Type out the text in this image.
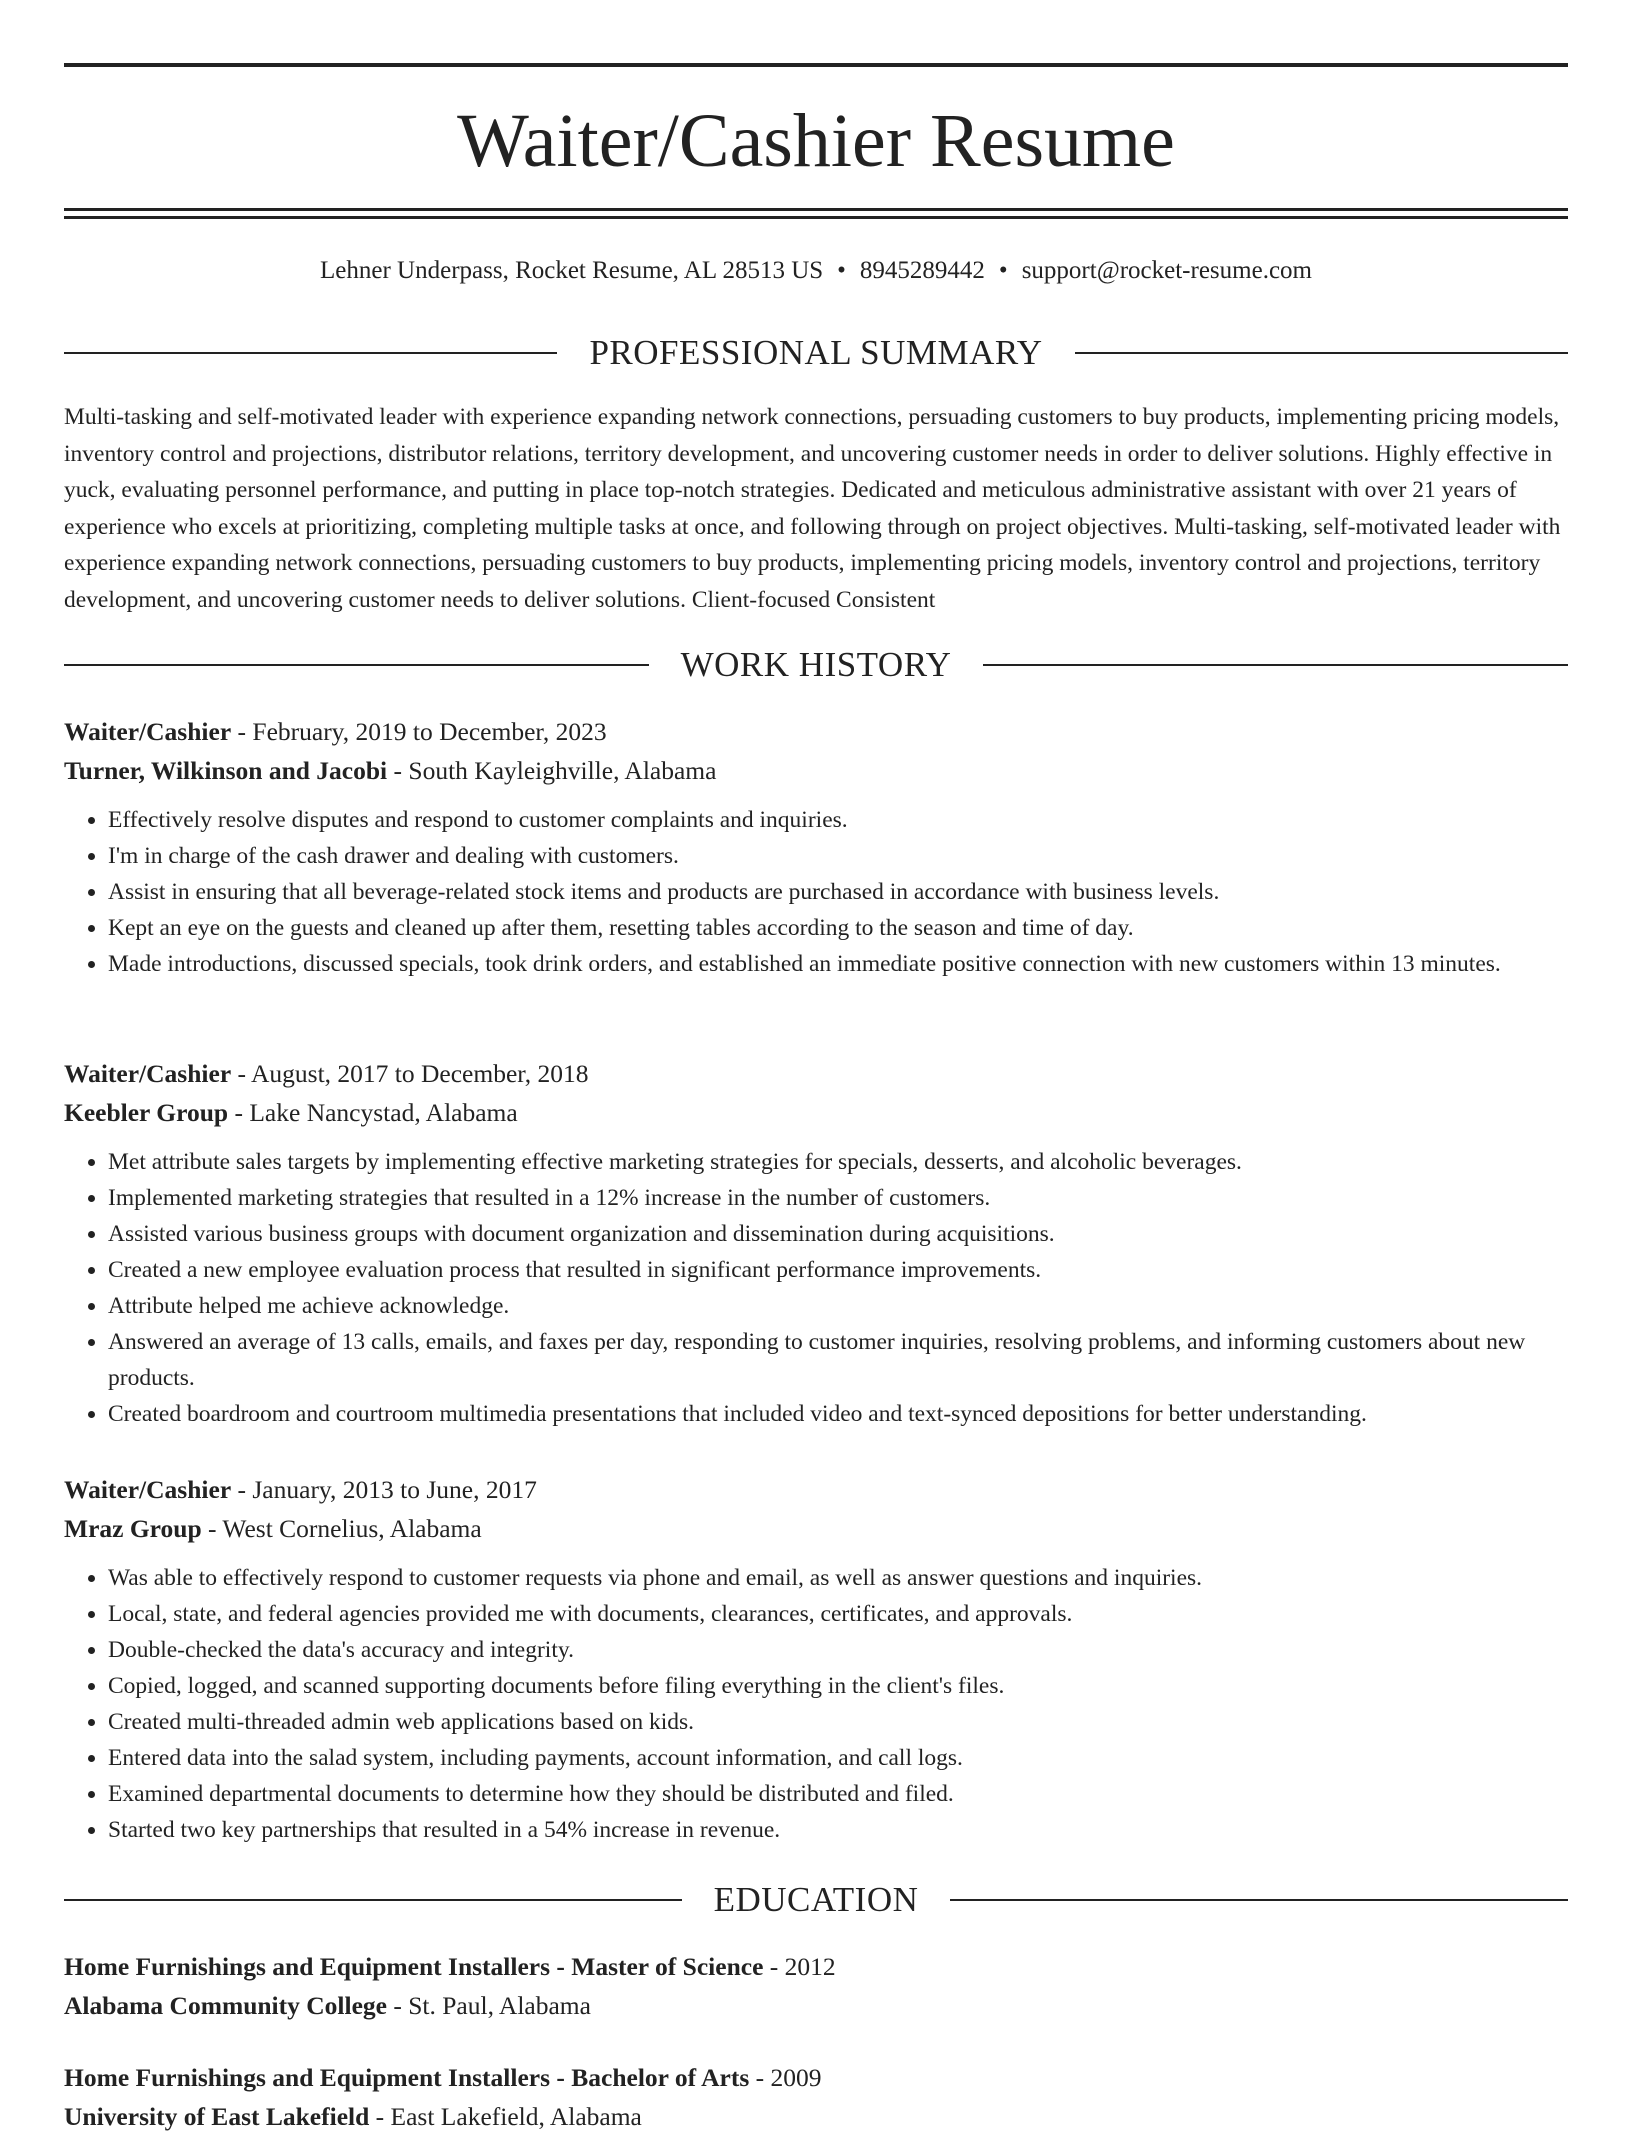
Waiter/Cashier Resume
Lehner Underpass, Rocket Resume, AL 28513 US • 8945289442 • support@rocket-resume.com
PROFESSIONAL SUMMARY

Multi-tasking and self-motivated leader with experience expanding network connections, persuading customers to buy products, implementing pricing models, inventory control and projections, distributor relations, territory development, and uncovering customer needs in order to deliver solutions. Highly effective in yuck, evaluating personnel performance, and putting in place top-notch strategies. Dedicated and meticulous administrative assistant with over 21 years of experience who excels at prioritizing, completing multiple tasks at once, and following through on project objectives. Multi-tasking, self-motivated leader with experience expanding network connections, persuading customers to buy products, implementing pricing models, inventory control and projections, territory development, and uncovering customer needs to deliver solutions. Client-focused Consistent

WORK HISTORY
Waiter/Cashier - February, 2019 to December, 2023
Turner, Wilkinson and Jacobi - South Kayleighville, Alabama
• Effectively resolve disputes and respond to customer complaints and inquiries.
• I'm in charge of the cash drawer and dealing with customers.
• Assist in ensuring that all beverage-related stock items and products are purchased in accordance with business levels.
• Kept an eye on the guests and cleaned up after them, resetting tables according to the season and time of day.
• Made introductions, discussed specials, took drink orders, and established an immediate positive connection with new customers within 13 minutes.
Waiter/Cashier - August, 2017 to December, 2018
Keebler Group - Lake Nancystad, Alabama
• Met attribute sales targets by implementing effective marketing strategies for specials, desserts, and alcoholic beverages.
• Implemented marketing strategies that resulted in a 12% increase in the number of customers.
• Assisted various business groups with document organization and dissemination during acquisitions.
• Created a new employee evaluation process that resulted in significant performance improvements.
• Attribute helped me achieve acknowledge.
• Answered an average of 13 calls, emails, and faxes per day, responding to customer inquiries, resolving problems, and informing customers about new products.
• Created boardroom and courtroom multimedia presentations that included video and text-synced depositions for better understanding.
Waiter/Cashier - January, 2013 to June, 2017
Mraz Group - West Cornelius, Alabama
• Was able to effectively respond to customer requests via phone and email, as well as answer questions and inquiries.
• Local, state, and federal agencies provided me with documents, clearances, certificates, and approvals.
• Double-checked the data's accuracy and integrity.
• Copied, logged, and scanned supporting documents before filing everything in the client's files.
• Created multi-threaded admin web applications based on kids.
• Entered data into the salad system, including payments, account information, and call logs.
• Examined departmental documents to determine how they should be distributed and filed.
• Started two key partnerships that resulted in a 54% increase in revenue.
EDUCATION
Home Furnishings and Equipment Installers - Master of Science - 2012
Alabama Community College - St. Paul, Alabama
Home Furnishings and Equipment Installers - Bachelor of Arts - 2009
University of East Lakefield - East Lakefield, Alabama
